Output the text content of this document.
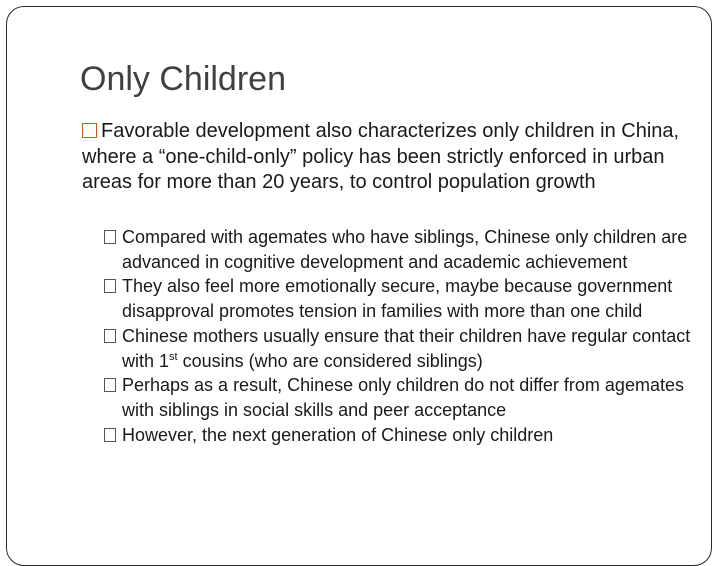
Only Children
Favorable development also characterizes only children in China, where a “one-child-only” policy has been strictly enforced in urban areas for more than 20 years, to control population growth
Compared with agemates who have siblings, Chinese only children are advanced in cognitive development and academic achievement
They also feel more emotionally secure, maybe because government disapproval promotes tension in families with more than one child
Chinese mothers usually ensure that their children have regular contact with 1st cousins (who are considered siblings)
Perhaps as a result, Chinese only children do not differ from agemates with siblings in social skills and peer acceptance
However, the next generation of Chinese only children
